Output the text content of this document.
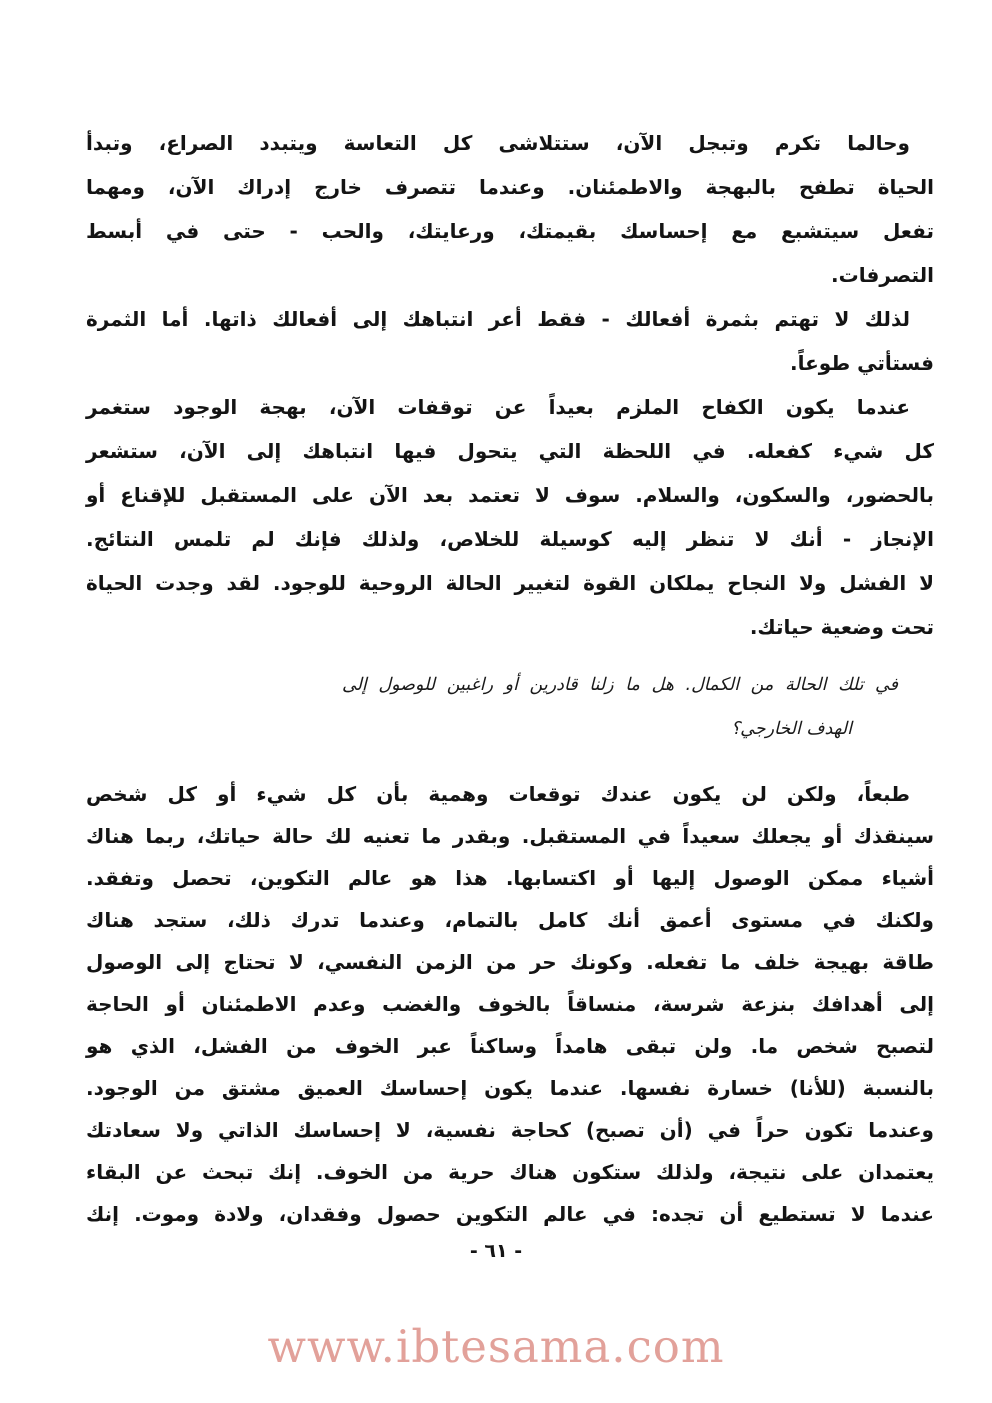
وحالما تكرم وتبجل الآن، ستتلاشى كل التعاسة ويتبدد الصراع، وتبدأ
الحياة تطفح بالبهجة والاطمئنان. وعندما تتصرف خارج إدراك الآن، ومهما
تفعل سيتشبع مع إحساسك بقيمتك، ورعايتك، والحب - حتى في أبسط
التصرفات.
لذلك لا تهتم بثمرة أفعالك - فقط أعر انتباهك إلى أفعالك ذاتها. أما الثمرة
فستأتي طوعاً.
عندما يكون الكفاح الملزم بعيداً عن توقفات الآن، بهجة الوجود ستغمر
كل شيء كفعله. في اللحظة التي يتحول فيها انتباهك إلى الآن، ستشعر
بالحضور، والسكون، والسلام. سوف لا تعتمد بعد الآن على المستقبل للإقناع أو
الإنجاز - أنك لا تنظر إليه كوسيلة للخلاص، ولذلك فإنك لم تلمس النتائج.
لا الفشل ولا النجاح يملكان القوة لتغيير الحالة الروحية للوجود. لقد وجدت الحياة
تحت وضعية حياتك.
في تلك الحالة من الكمال. هل ما زلنا قادرين أو راغبين للوصول إلى
الهدف الخارجي؟
طبعاً، ولكن لن يكون عندك توقعات وهمية بأن كل شيء أو كل شخص
سينقذك أو يجعلك سعيداً في المستقبل. وبقدر ما تعنيه لك حالة حياتك، ربما هناك
أشياء ممكن الوصول إليها أو اكتسابها. هذا هو عالم التكوين، تحصل وتفقد.
ولكنك في مستوى أعمق أنك كامل بالتمام، وعندما تدرك ذلك، ستجد هناك
طاقة بهيجة خلف ما تفعله. وكونك حر من الزمن النفسي، لا تحتاج إلى الوصول
إلى أهدافك بنزعة شرسة، منساقاً بالخوف والغضب وعدم الاطمئنان أو الحاجة
لتصبح شخص ما. ولن تبقى هامداً وساكناً عبر الخوف من الفشل، الذي هو
بالنسبة (للأنا) خسارة نفسها. عندما يكون إحساسك العميق مشتق من الوجود.
وعندما تكون حراً في (أن تصبح) كحاجة نفسية، لا إحساسك الذاتي ولا سعادتك
يعتمدان على نتيجة، ولذلك ستكون هناك حرية من الخوف. إنك تبحث عن البقاء
عندما لا تستطيع أن تجده: في عالم التكوين حصول وفقدان، ولادة وموت. إنك
- ٦١ -
www.ibtesama.com
